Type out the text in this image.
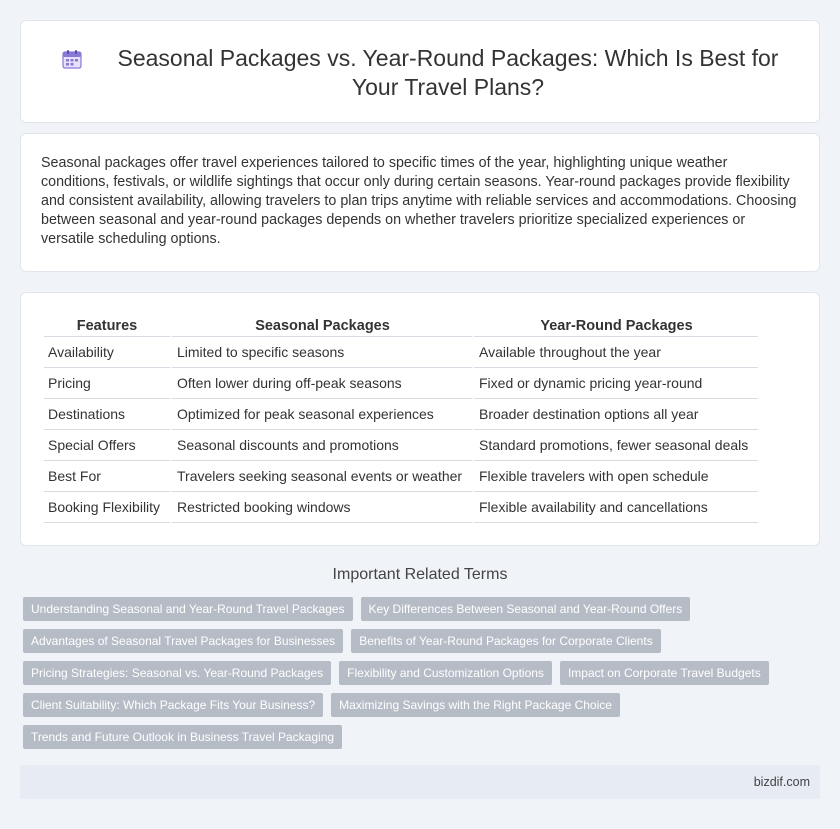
Seasonal Packages vs. Year-Round Packages: Which Is Best for Your Travel Plans?

Seasonal packages offer travel experiences tailored to specific times of the year, highlighting unique weather conditions, festivals, or wildlife sightings that occur only during certain seasons. Year-round packages provide flexibility and consistent availability, allowing travelers to plan trips anytime with reliable services and accommodations. Choosing between seasonal and year-round packages depends on whether travelers prioritize specialized experiences or versatile scheduling options.

Features	Seasonal Packages	Year-Round Packages
Availability	Limited to specific seasons	Available throughout the year
Pricing	Often lower during off-peak seasons	Fixed or dynamic pricing year-round
Destinations	Optimized for peak seasonal experiences	Broader destination options all year
Special Offers	Seasonal discounts and promotions	Standard promotions, fewer seasonal deals
Best For	Travelers seeking seasonal events or weather	Flexible travelers with open schedule
Booking Flexibility	Restricted booking windows	Flexible availability and cancellations
Important Related Terms
Understanding Seasonal and Year-Round Travel Packages	Key Differences Between Seasonal and Year-Round Offers
Advantages of Seasonal Travel Packages for Businesses	Benefits of Year-Round Packages for Corporate Clients
Pricing Strategies: Seasonal vs. Year-Round Packages	Flexibility and Customization Options	Impact on Corporate Travel Budgets
Client Suitability: Which Package Fits Your Business?	Maximizing Savings with the Right Package Choice
Trends and Future Outlook in Business Travel Packaging
bizdif.com
